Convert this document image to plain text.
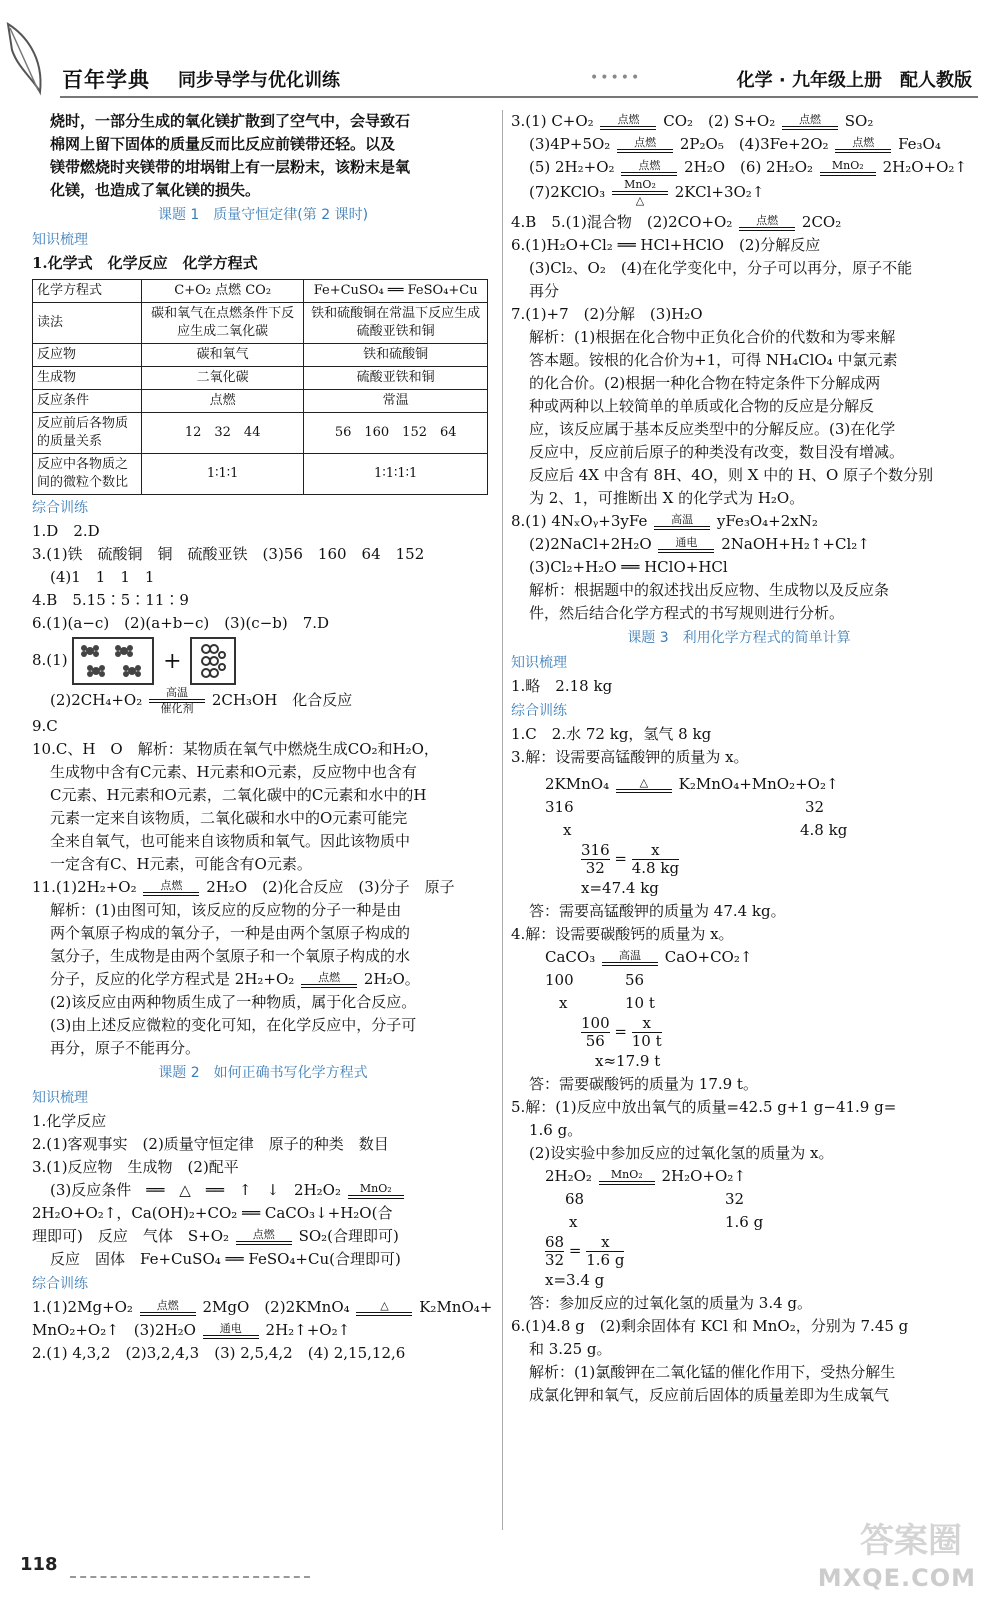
百年学典 同步导学与优化训练	•••••	化学 · 九年级上册　配人教版

烧时，一部分生成的氧化镁扩散到了空气中，会导致石

棉网上留下固体的质量反而比反应前镁带还轻。以及

镁带燃烧时夹镁带的坩埚钳上有一层粉末，该粉末是氧

化镁，也造成了氧化镁的损失。

课题 1　质量守恒定律(第 2 课时)

知识梳理

1.化学式　化学反应　化学方程式

化学方程式	C+O₂ 点燃 CO₂	Fe+CuSO₄ ══ FeSO₄+Cu
读法	碳和氧气在点燃条件下反应生成二氧化碳	铁和硫酸铜在常温下反应生成硫酸亚铁和铜
反应物	碳和氧气	铁和硫酸铜
生成物	二氧化碳	硫酸亚铁和铜
反应条件	点燃	常温
反应前后各物质的质量关系	12　32　44	56　160　152　64
反应中各物质之间的微粒个数比	1∶1∶1	1∶1∶1∶1

综合训练

1.D　2.D

3.(1)铁　硫酸铜　铜　硫酸亚铁　(3)56　160　64　152

(4)1　1　1　1

4.B　5.15∶5∶11∶9

6.(1)(a−c)　(2)(a+b−c)　(3)(c−b)　7.D

8.(1)	+

(2)2CH₄+O₂	高温
催化剂	2CH₃OH　化合反应

9.C

10.C、H　O　解析：某物质在氧气中燃烧生成CO₂和H₂O，

生成物中含有C元素、H元素和O元素，反应物中也含有

C元素、H元素和O元素，二氧化碳中的C元素和水中的H

元素一定来自该物质，二氧化碳和水中的O元素可能完

全来自氧气，也可能来自该物质和氧气。因此该物质中

一定含有C、H元素，可能含有O元素。

11.(1)2H₂+O₂	点燃	2H₂O　(2)化合反应　(3)分子　原子

解析：(1)由图可知，该反应的反应物的分子一种是由

两个氧原子构成的氧分子，一种是由两个氢原子构成的

氢分子，生成物是由两个氢原子和一个氧原子构成的水

分子，反应的化学方程式是 2H₂+O₂	点燃	2H₂O。

(2)该反应由两种物质生成了一种物质，属于化合反应。

(3)由上述反应微粒的变化可知，在化学反应中，分子可

再分，原子不能再分。

课题 2　如何正确书写化学方程式

知识梳理

1.化学反应

2.(1)客观事实　(2)质量守恒定律　原子的种类　数目

3.(1)反应物　生成物　(2)配平

(3)反应条件　══　△　══　↑　↓　2H₂O₂	MnO₂

2H₂O+O₂↑，Ca(OH)₂+CO₂ ══ CaCO₃↓+H₂O(合

理即可)　反应　气体　S+O₂	点燃	SO₂(合理即可)

反应　固体　Fe+CuSO₄ ══ FeSO₄+Cu(合理即可)

综合训练

1.(1)2Mg+O₂	点燃	2MgO　(2)2KMnO₄	△	K₂MnO₄+

MnO₂+O₂↑　(3)2H₂O	通电	2H₂↑+O₂↑

2.(1) 4,3,2　(2)3,2,4,3　(3) 2,5,4,2　(4) 2,15,12,6

3.(1) C+O₂	点燃	CO₂　(2) S+O₂	点燃	SO₂

(3)4P+5O₂	点燃	2P₂O₅　(4)3Fe+2O₂	点燃	Fe₃O₄

(5) 2H₂+O₂	点燃	2H₂O　(6) 2H₂O₂	MnO₂	2H₂O+O₂↑

(7)2KClO₃	MnO₂
△	2KCl+3O₂↑

4.B　5.(1)混合物　(2)2CO+O₂	点燃	2CO₂

6.(1)H₂O+Cl₂ ══ HCl+HClO　(2)分解反应

(3)Cl₂、O₂　(4)在化学变化中，分子可以再分，原子不能

再分

7.(1)+7　(2)分解　(3)H₂O

解析：(1)根据在化合物中正负化合价的代数和为零来解

答本题。铵根的化合价为+1，可得 NH₄ClO₄ 中氯元素

的化合价。(2)根据一种化合物在特定条件下分解成两

种或两种以上较简单的单质或化合物的反应是分解反

应，该反应属于基本反应类型中的分解反应。(3)在化学

反应中，反应前后原子的种类没有改变，数目没有增减。

反应后 4X 中含有 8H、4O，则 X 中的 H、O 原子个数分别

为 2、1，可推断出 X 的化学式为 H₂O。

8.(1) 4NₓOᵧ+3yFe	高温	yFe₃O₄+2xN₂

(2)2NaCl+2H₂O	通电	2NaOH+H₂↑+Cl₂↑

(3)Cl₂+H₂O ══ HClO+HCl

解析：根据题中的叙述找出反应物、生成物以及反应条

件，然后结合化学方程式的书写规则进行分析。

课题 3　利用化学方程式的简单计算

知识梳理

1.略　2.18 kg

综合训练

1.C　2.水 72 kg，氢气 8 kg

3.解：设需要高锰酸钾的质量为 x。

2KMnO₄	△	K₂MnO₄+MnO₂+O₂↑

316	32

x	4.8 kg

$\frac{316}{32} = \frac{x}{4.8 kg}$

x=47.4 kg

答：需要高锰酸钾的质量为 47.4 kg。

4.解：设需要碳酸钙的质量为 x。

CaCO₃	高温	CaO+CO₂↑

100	56

x	10 t

$\frac{100}{56} = \frac{x}{10 t}$

x≈17.9 t

答：需要碳酸钙的质量为 17.9 t。

5.解：(1)反应中放出氧气的质量=42.5 g+1 g−41.9 g=

1.6 g。

(2)设实验中参加反应的过氧化氢的质量为 x。

2H₂O₂	MnO₂	2H₂O+O₂↑

68	32

x	1.6 g

$\frac{68}{32} = \frac{x}{1.6 g}$

x=3.4 g

答：参加反应的过氧化氢的质量为 3.4 g。

6.(1)4.8 g　(2)剩余固体有 KCl 和 MnO₂，分别为 7.45 g

和 3.25 g。

解析：(1)氯酸钾在二氧化锰的催化作用下，受热分解生

成氯化钾和氧气，反应前后固体的质量差即为生成氧气

118
答案圈
MXQE.COM
